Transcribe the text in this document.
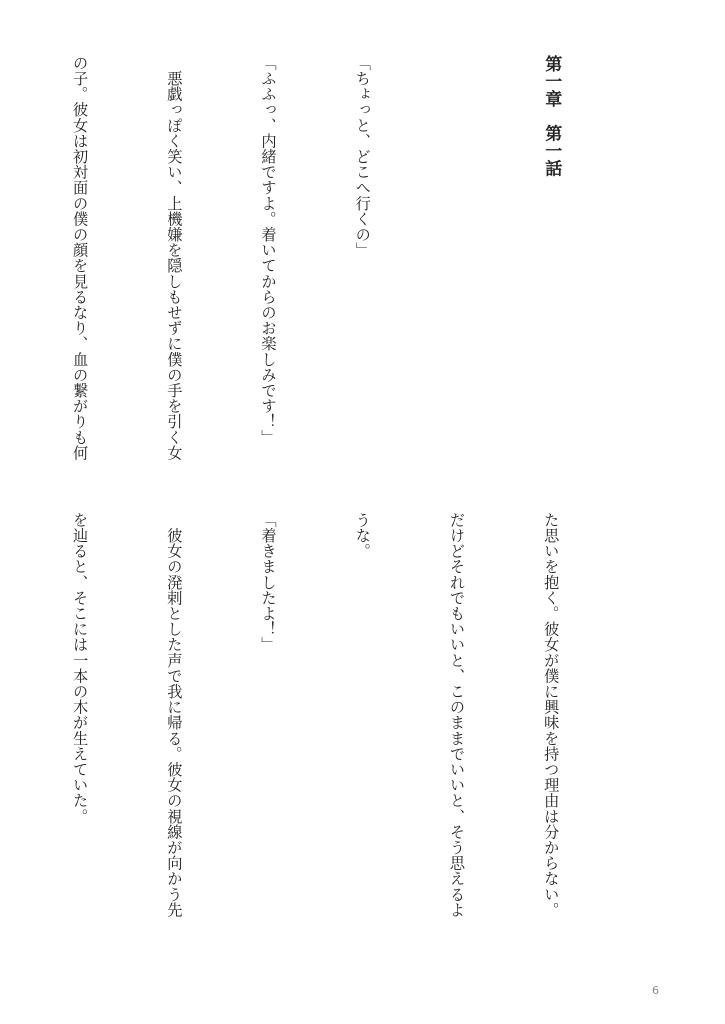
第一章　第一話

「ちょっと、どこへ行くの」

「ふふっ、内緒ですよ。着いてからのお楽しみです！」

　悪戯っぽく笑い、上機嫌を隠しもせずに僕の手を引く女

の子。彼女は初対面の僕の顔を見るなり、血の繋がりも何

た思いを抱く。彼女が僕に興味を持つ理由は分からない。

だけどそれでもいいと、このままでいいと、そう思えるよ

うな。

「着きましたよ！」

　彼女の溌剌とした声で我に帰る。彼女の視線が向かう先

を辿ると、そこには一本の木が生えていた。

6
